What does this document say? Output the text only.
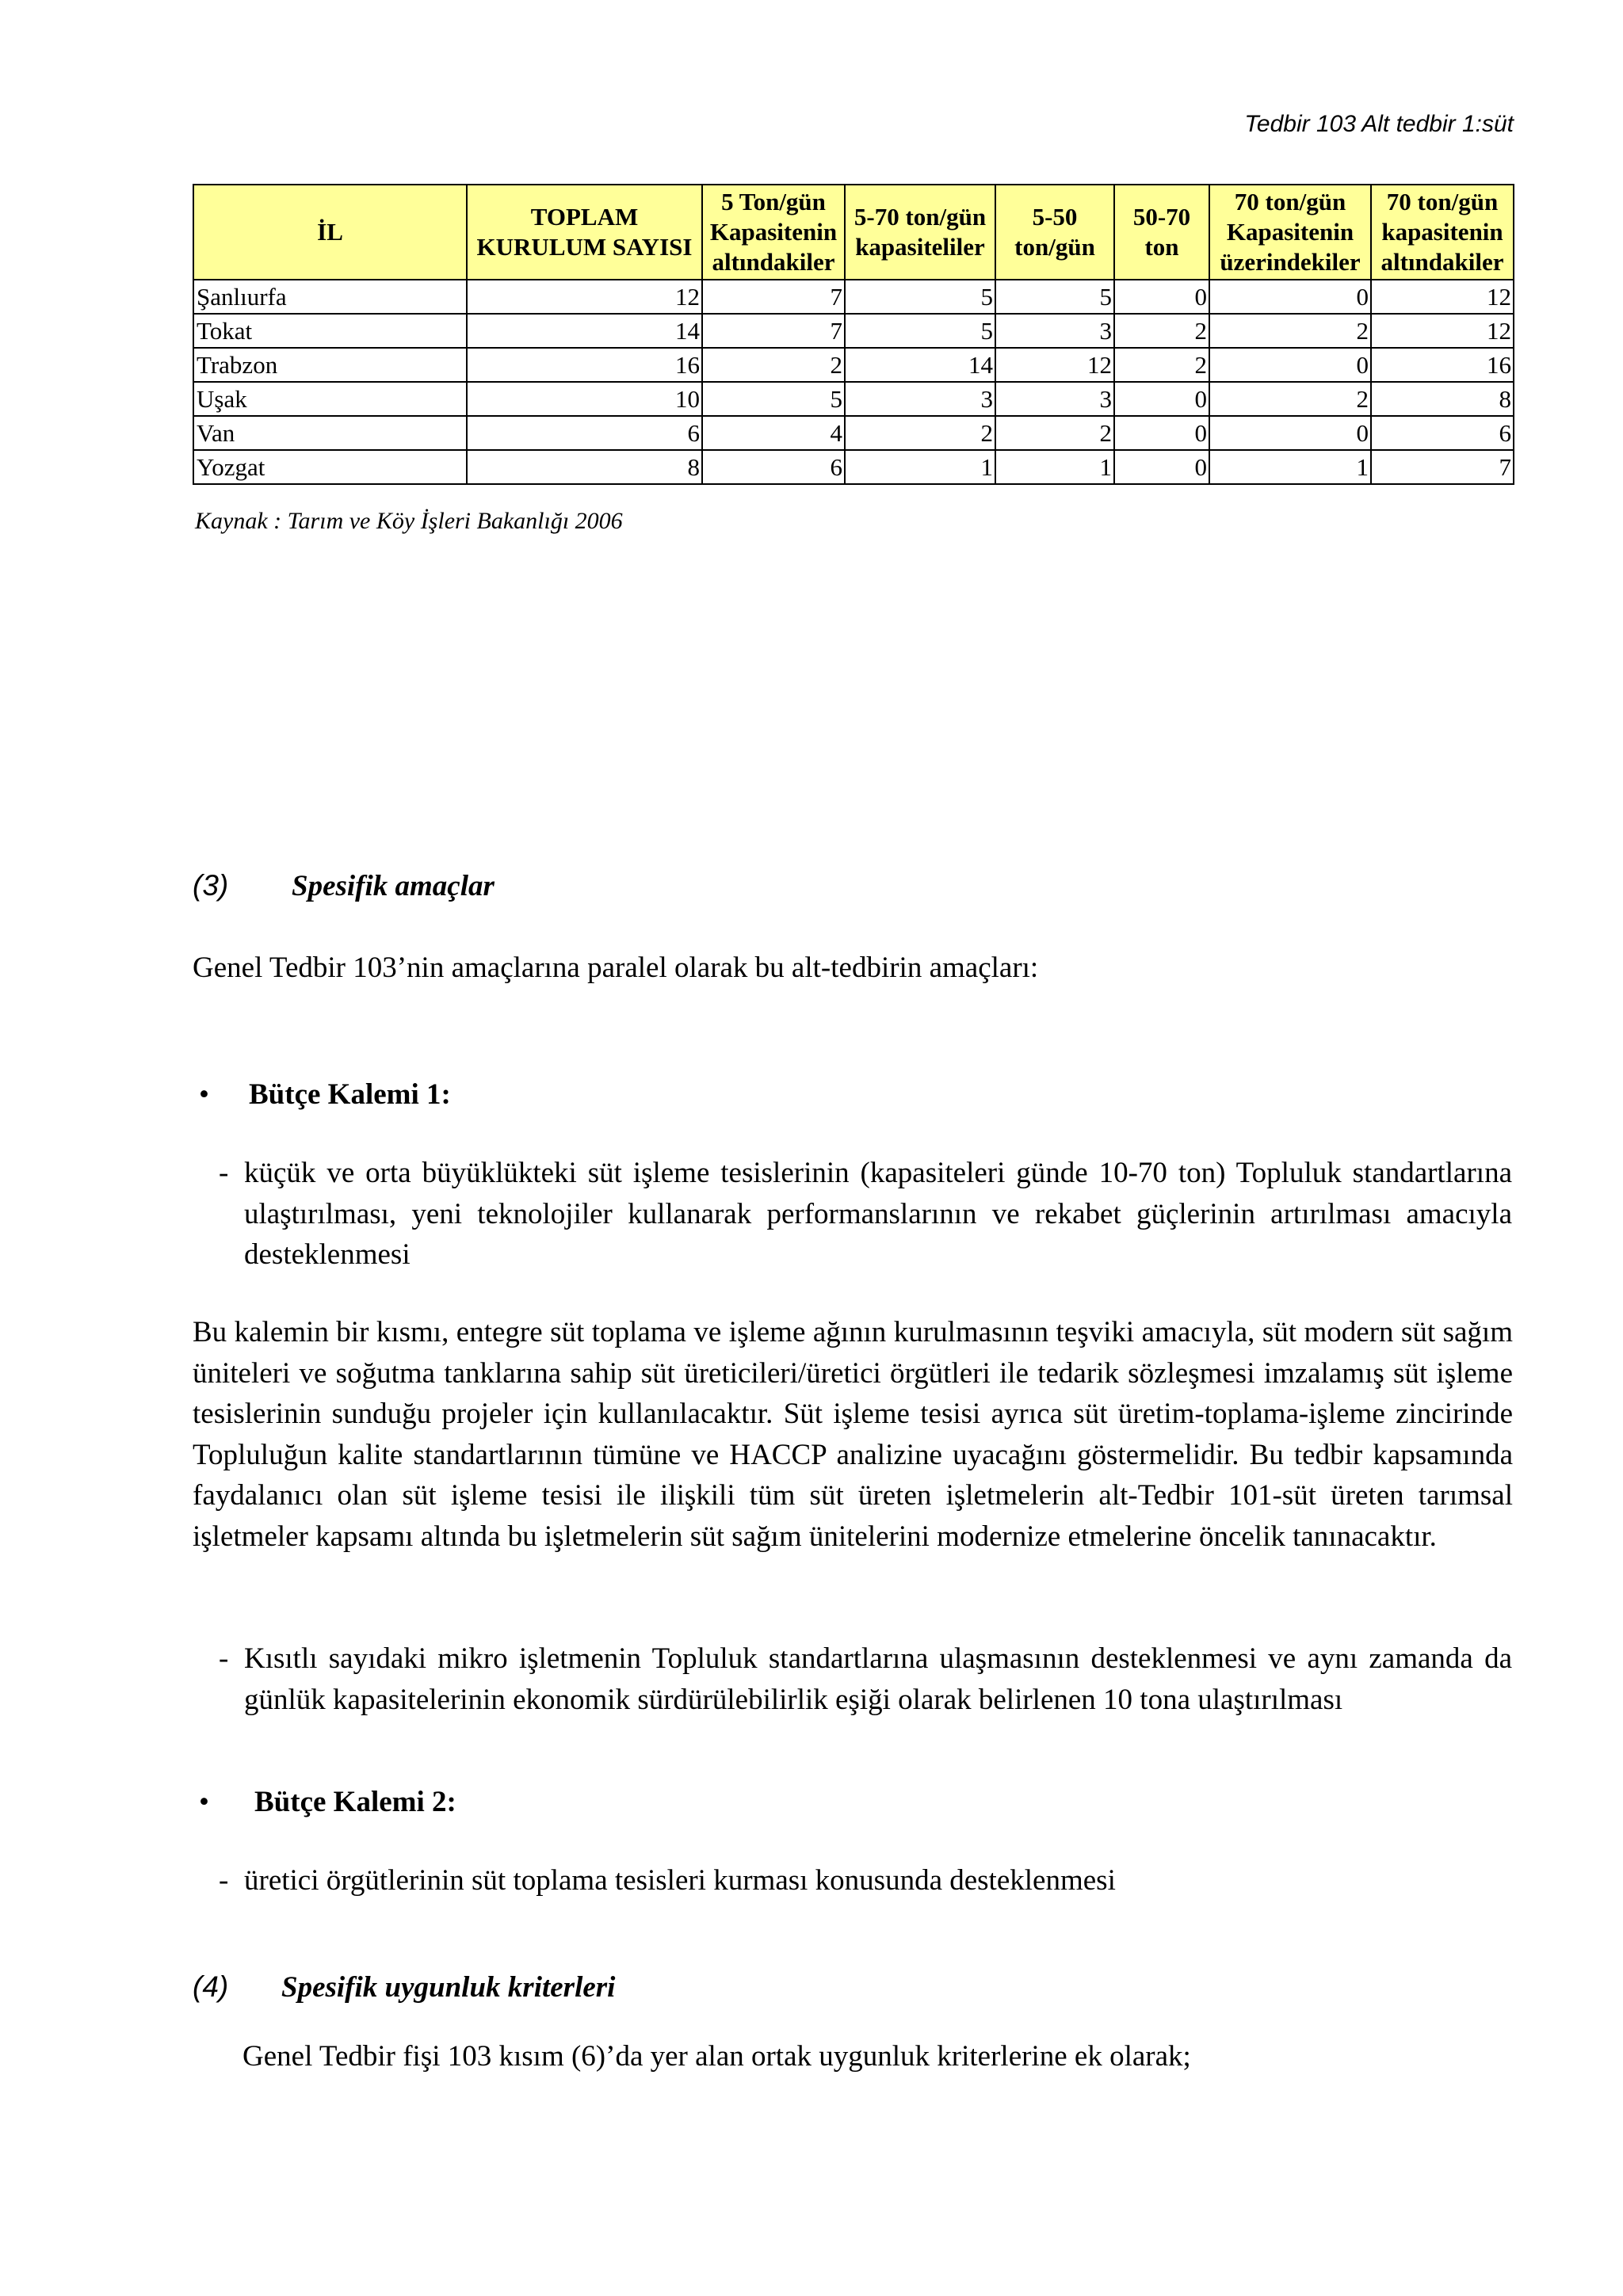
Tedbir 103 Alt tedbir 1:süt
İL	TOPLAM KURULUM SAYISI	5 Ton/gün Kapasitenin altındakiler	5-70 ton/gün kapasiteliler	5-50 ton/gün	50-70 ton	70 ton/gün Kapasitenin üzerindekiler	70 ton/gün kapasitenin altındakiler
Şanlıurfa	12	7	5	5	0	0	12
Tokat	14	7	5	3	2	2	12
Trabzon	16	2	14	12	2	0	16
Uşak	10	5	3	3	0	2	8
Van	6	4	2	2	0	0	6
Yozgat	8	6	1	1	0	1	7
Kaynak : Tarım ve Köy İşleri Bakanlığı 2006
(3) Spesifik amaçlar
Genel Tedbir 103’nin amaçlarına paralel olarak bu alt-tedbirin amaçları:
• Bütçe Kalemi 1:
- küçük ve orta büyüklükteki süt işleme tesislerinin (kapasiteleri günde 10-70 ton) Topluluk standartlarına ulaştırılması, yeni teknolojiler kullanarak performanslarının ve rekabet güçlerinin artırılması amacıyla desteklenmesi
Bu kalemin bir kısmı, entegre süt toplama ve işleme ağının kurulmasının teşviki amacıyla, süt modern süt sağım üniteleri ve soğutma tanklarına sahip süt üreticileri/üretici örgütleri ile tedarik sözleşmesi imzalamış süt işleme tesislerinin sunduğu projeler için kullanılacaktır. Süt işleme tesisi ayrıca süt üretim-toplama-işleme zincirinde Topluluğun kalite standartlarının tümüne ve HACCP analizine uyacağını göstermelidir. Bu tedbir kapsamında faydalanıcı olan süt işleme tesisi ile ilişkili tüm süt üreten işletmelerin alt-Tedbir 101-süt üreten tarımsal işletmeler kapsamı altında bu işletmelerin süt sağım ünitelerini modernize etmelerine öncelik tanınacaktır.
- Kısıtlı sayıdaki mikro işletmenin Topluluk standartlarına ulaşmasının desteklenmesi ve aynı zamanda da günlük kapasitelerinin ekonomik sürdürülebilirlik eşiği olarak belirlenen 10 tona ulaştırılması
• Bütçe Kalemi 2:
- üretici örgütlerinin süt toplama tesisleri kurması konusunda desteklenmesi
(4) Spesifik uygunluk kriterleri
Genel Tedbir fişi 103 kısım (6)’da yer alan ortak uygunluk kriterlerine ek olarak;
